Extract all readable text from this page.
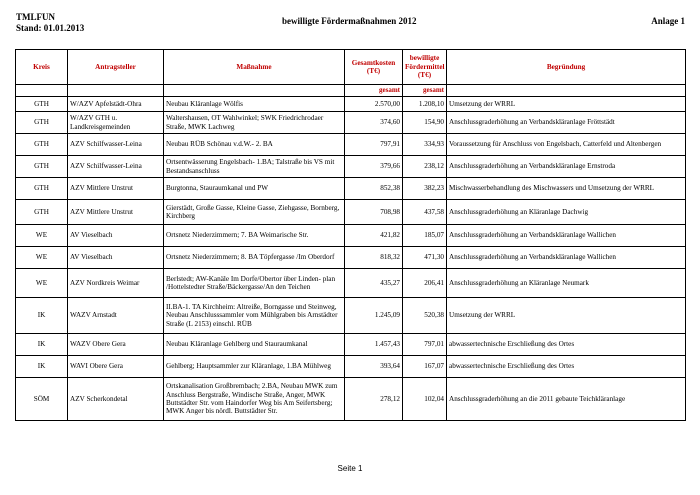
TMLFUN
Stand: 01.01.2013
bewilligte Fördermaßnahmen 2012	Anlage 1
Kreis	Antragsteller	Maßnahme	Gesamtkosten (T€)	bewilligte Fördermittel (T€)	Begründung
			gesamt	gesamt	
GTH	W/AZV Apfelstädt-Ohra	Neubau Kläranlage Wölfis	2.570,00	1.208,10	Umsetzung der WRRL
GTH	W/AZV GTH u. Landkreisgemeinden	Waltershausen, OT Wahlwinkel; SWK Friedrichrodaer Straße, MWK Lachweg	374,60	154,90	Anschlussgraderhöhung an Verbandskläranlage Fröttstädt
GTH	AZV Schilfwasser-Leina	Neubau RÜB Schönau v.d.W.- 2. BA	797,91	334,93	Voraussetzung für Anschluss von Engelsbach, Catterfeld und Altenbergen
GTH	AZV Schilfwasser-Leina	Ortsentwässerung Engelsbach- 1.BA; Talstraße bis VS mit Bestandsanschluss	379,66	238,12	Anschlussgraderhöhung an Verbandskläranlage Ernstroda
GTH	AZV Mittlere Unstrut	Burgtonna, Stauraumkanal und PW	852,38	382,23	Mischwasserbehandlung des Mischwassers und Umsetzung der WRRL
GTH	AZV Mittlere Unstrut	Gierstädt, Große Gasse, Kleine Gasse, Ziehgasse, Bornberg, Kirchberg	708,98	437,58	Anschlussgraderhöhung an Kläranlage Dachwig
WE	AV Vieselbach	Ortsnetz Niederzimmern; 7. BA Weimarische Str.	421,82	185,07	Anschlussgraderhöhung an Verbandskläranlage Wallichen
WE	AV Vieselbach	Ortsnetz Niederzimmern; 8. BA Töpfergasse /Im Oberdorf	818,32	471,30	Anschlussgraderhöhung an Verbandskläranlage Wallichen
WE	AZV Nordkreis Weimar	Berlstedt; AW-Kanäle Im Dorfe/Obertor über Linden- plan /Hottelstedter Straße/Bäckergasse/An den Teichen	435,27	206,41	Anschlussgraderhöhung an Kläranlage Neumark
IK	WAZV Arnstadt	II.BA-1. TA Kirchheim: Altreiße, Borngasse und Steinweg, Neubau Anschlusssammler vom Mühlgraben bis Arnstädter Straße (L 2153) einschl. RÜB	1.245,09	520,38	Umsetzung der WRRL
IK	WAZV Obere Gera	Neubau Kläranlage Gehlberg und Stauraumkanal	1.457,43	797,01	abwassertechnische Erschließung des Ortes
IK	WAVI Obere Gera	Gehlberg; Hauptsammler zur Kläranlage, 1.BA Mühlweg	393,64	167,07	abwassertechnische Erschließung des Ortes
SÖM	AZV Scherkondetal	Ortskanalisation Großbrembach; 2.BA, Neubau MWK zum Anschluss Bergstraße, Windische Straße, Anger, MWK Buttstädter Str. vom Haindorfer Weg bis Am Seifertsberg; MWK Anger bis nördl. Buttstädter Str.	278,12	102,04	Anschlussgraderhöhung an die 2011 gebaute Teichkläranlage
Seite 1
